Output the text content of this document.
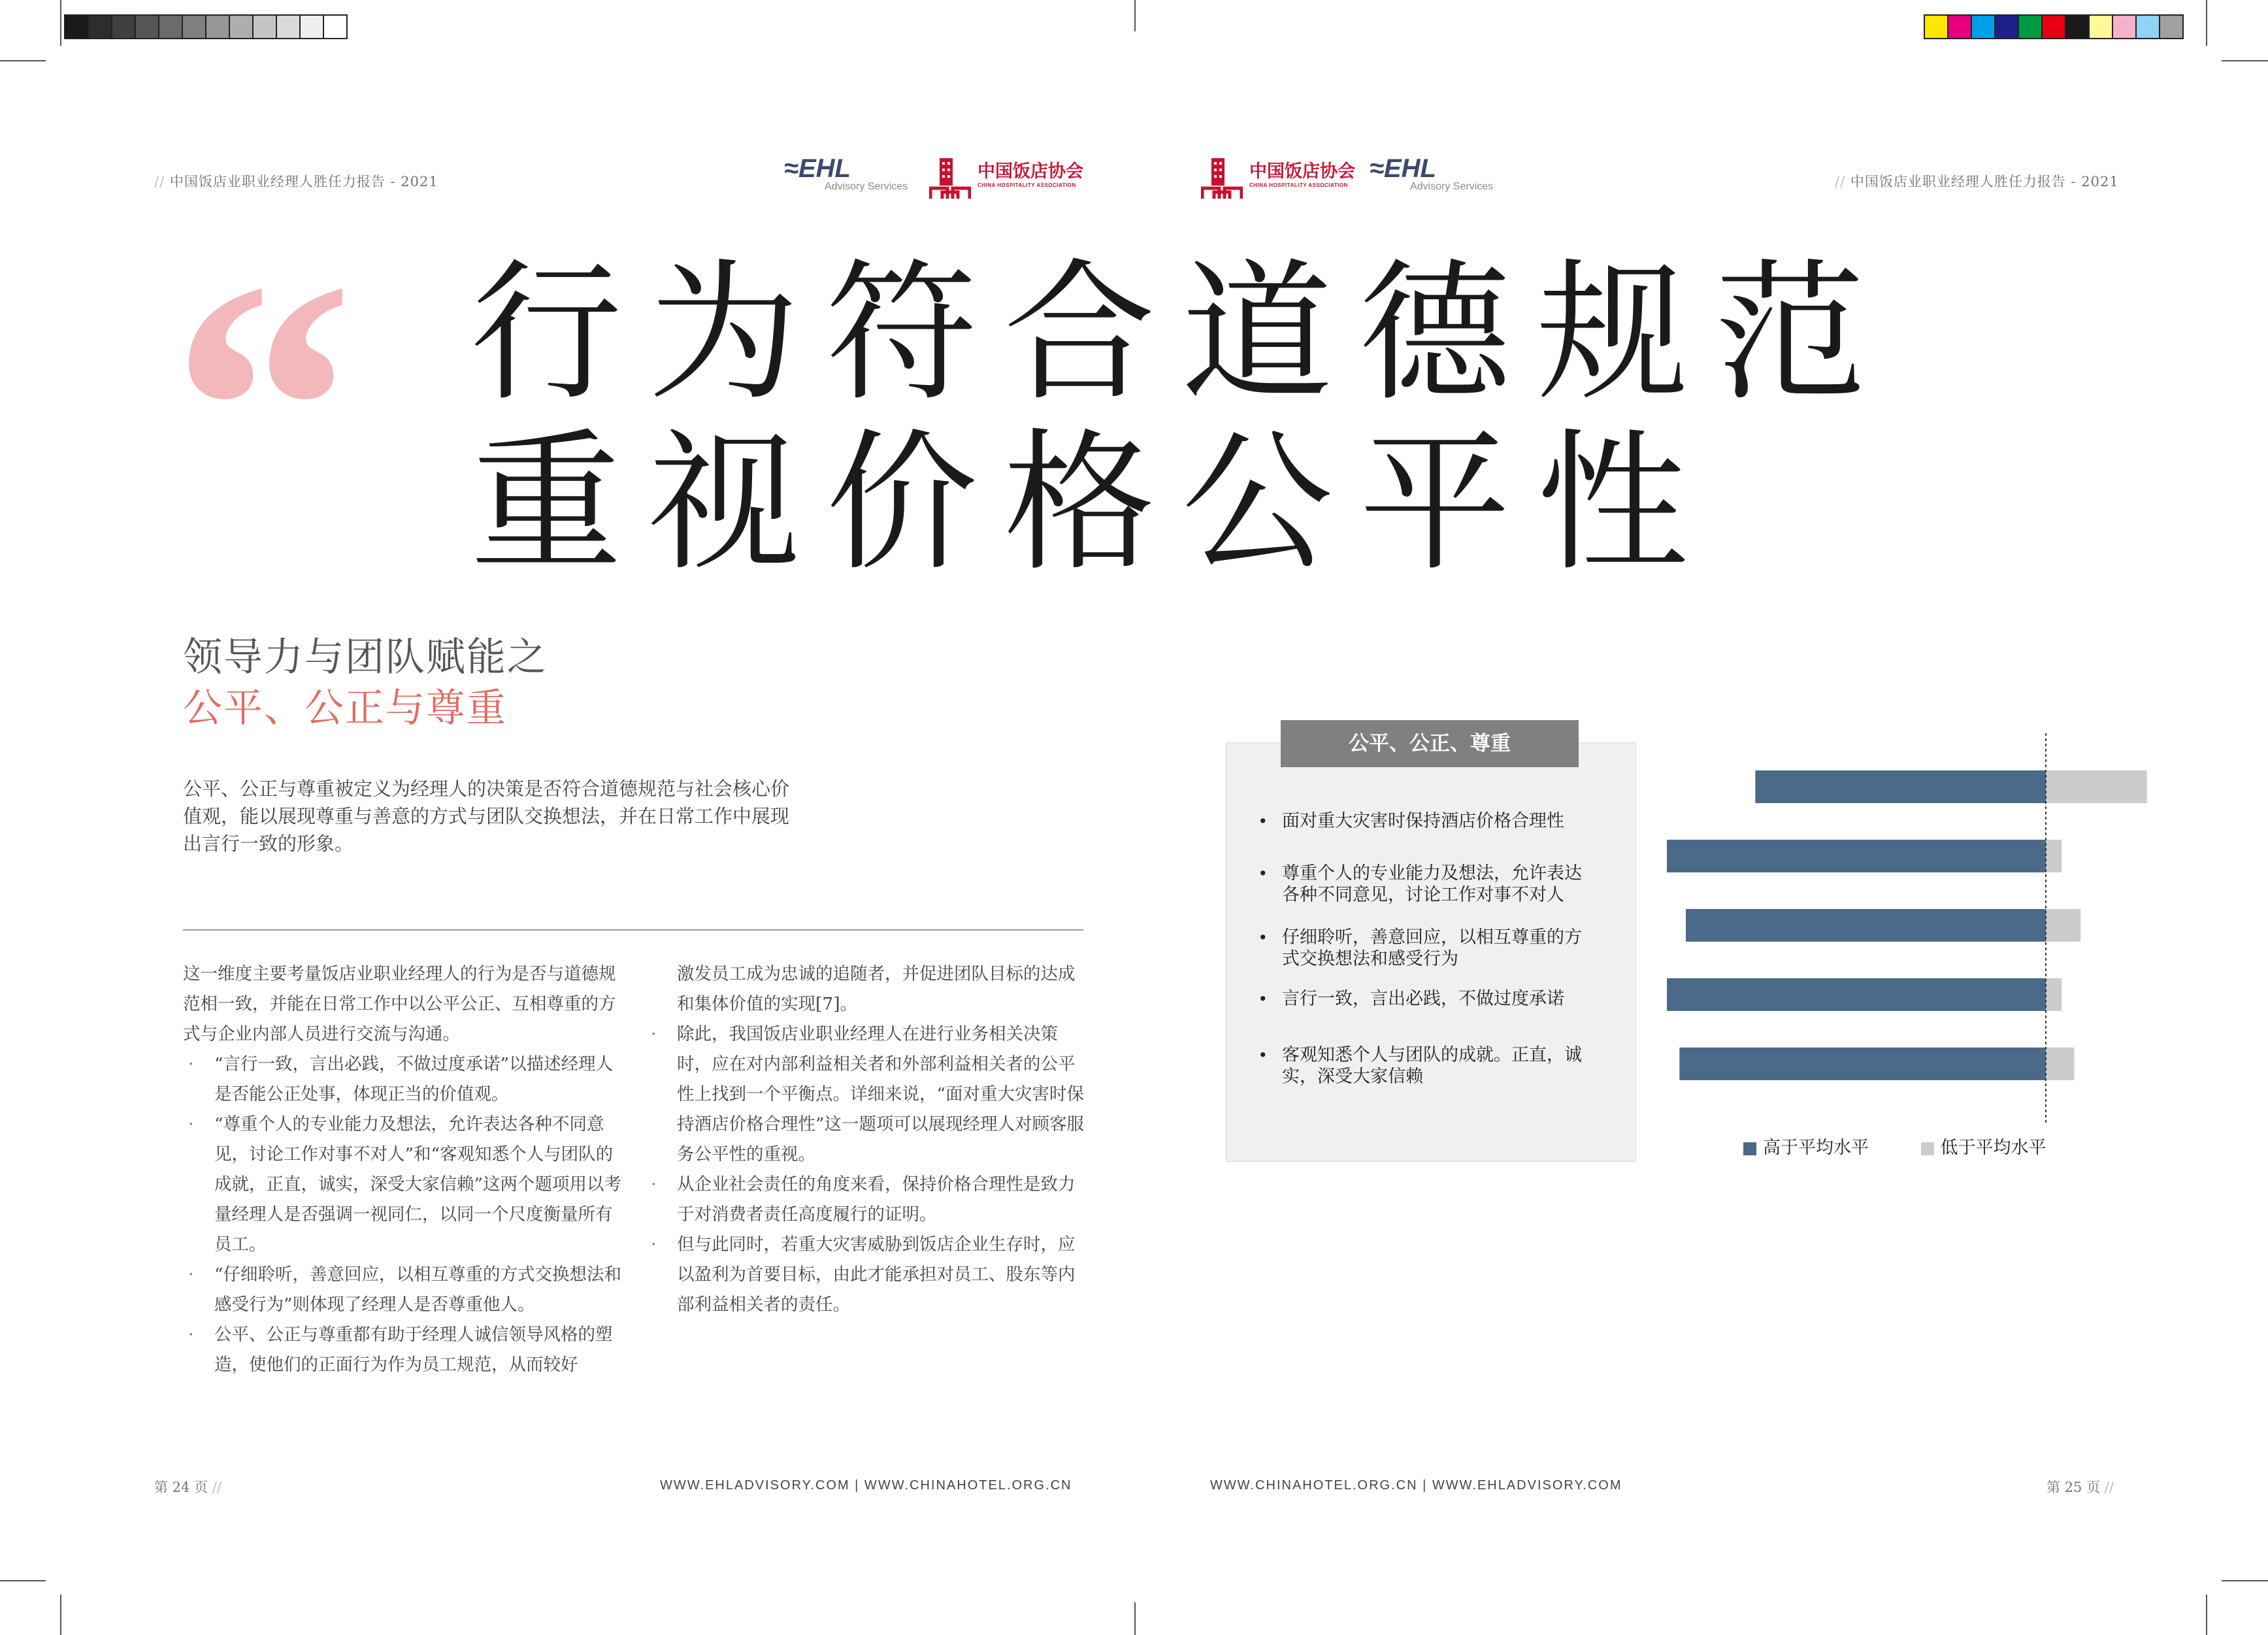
// 中国饭店业职业经理人胜任力报告 - 2021	// 中国饭店业职业经理人胜任力报告 - 2021
≈EHL
Advisory Services
中国饭店协会
CHINA HOSPITALITY ASSOCIATION
中国饭店协会
CHINA HOSPITALITY ASSOCIATION
≈EHL
Advisory Services
“ 行为符合道德规范
重视价格公平性
领导力与团队赋能之
公平、公正与尊重
公平、公正与尊重被定义为经理人的决策是否符合道德规范与社会核心价值观，能以展现尊重与善意的方式与团队交换想法，并在日常工作中展现出言行一致的形象。

这一维度主要考量饭店业职业经理人的行为是否与道德规范相一致，并能在日常工作中以公平公正、互相尊重的方式与企业内部人员进行交流与沟通。

· “言行一致，言出必践，不做过度承诺”以描述经理人是否能公正处事，体现正当的价值观。
· “尊重个人的专业能力及想法，允许表达各种不同意见，讨论工作对事不对人”和“客观知悉个人与团队的成就，正直，诚实，深受大家信赖”这两个题项用以考量经理人是否强调一视同仁，以同一个尺度衡量所有员工。
· “仔细聆听，善意回应，以相互尊重的方式交换想法和感受行为”则体现了经理人是否尊重他人。
· 公平、公正与尊重都有助于经理人诚信领导风格的塑造，使他们的正面行为作为员工规范，从而较好

激发员工成为忠诚的追随者，并促进团队目标的达成和集体价值的实现[7]。

· 除此，我国饭店业职业经理人在进行业务相关决策时，应在对内部利益相关者和外部利益相关者的公平性上找到一个平衡点。详细来说，“面对重大灾害时保持酒店价格合理性”这一题项可以展现经理人对顾客服务公平性的重视。
· 从企业社会责任的角度来看，保持价格合理性是致力于对消费者责任高度履行的证明。
· 但与此同时，若重大灾害威胁到饭店企业生存时，应以盈利为首要目标，由此才能承担对员工、股东等内部利益相关者的责任。
公平、公正、尊重
• 面对重大灾害时保持酒店价格合理性
• 尊重个人的专业能力及想法，允许表达
各种不同意见，讨论工作对事不对人
• 仔细聆听，善意回应，以相互尊重的方
式交换想法和感受行为
• 言行一致，言出必践，不做过度承诺
• 客观知悉个人与团队的成就。正直，诚
实，深受大家信赖
高于平均水平	低于平均水平
第 24 页 //	WWW.EHLADVISORY.COM | WWW.CHINAHOTEL.ORG.CN	WWW.CHINAHOTEL.ORG.CN | WWW.EHLADVISORY.COM	第 25 页 //
